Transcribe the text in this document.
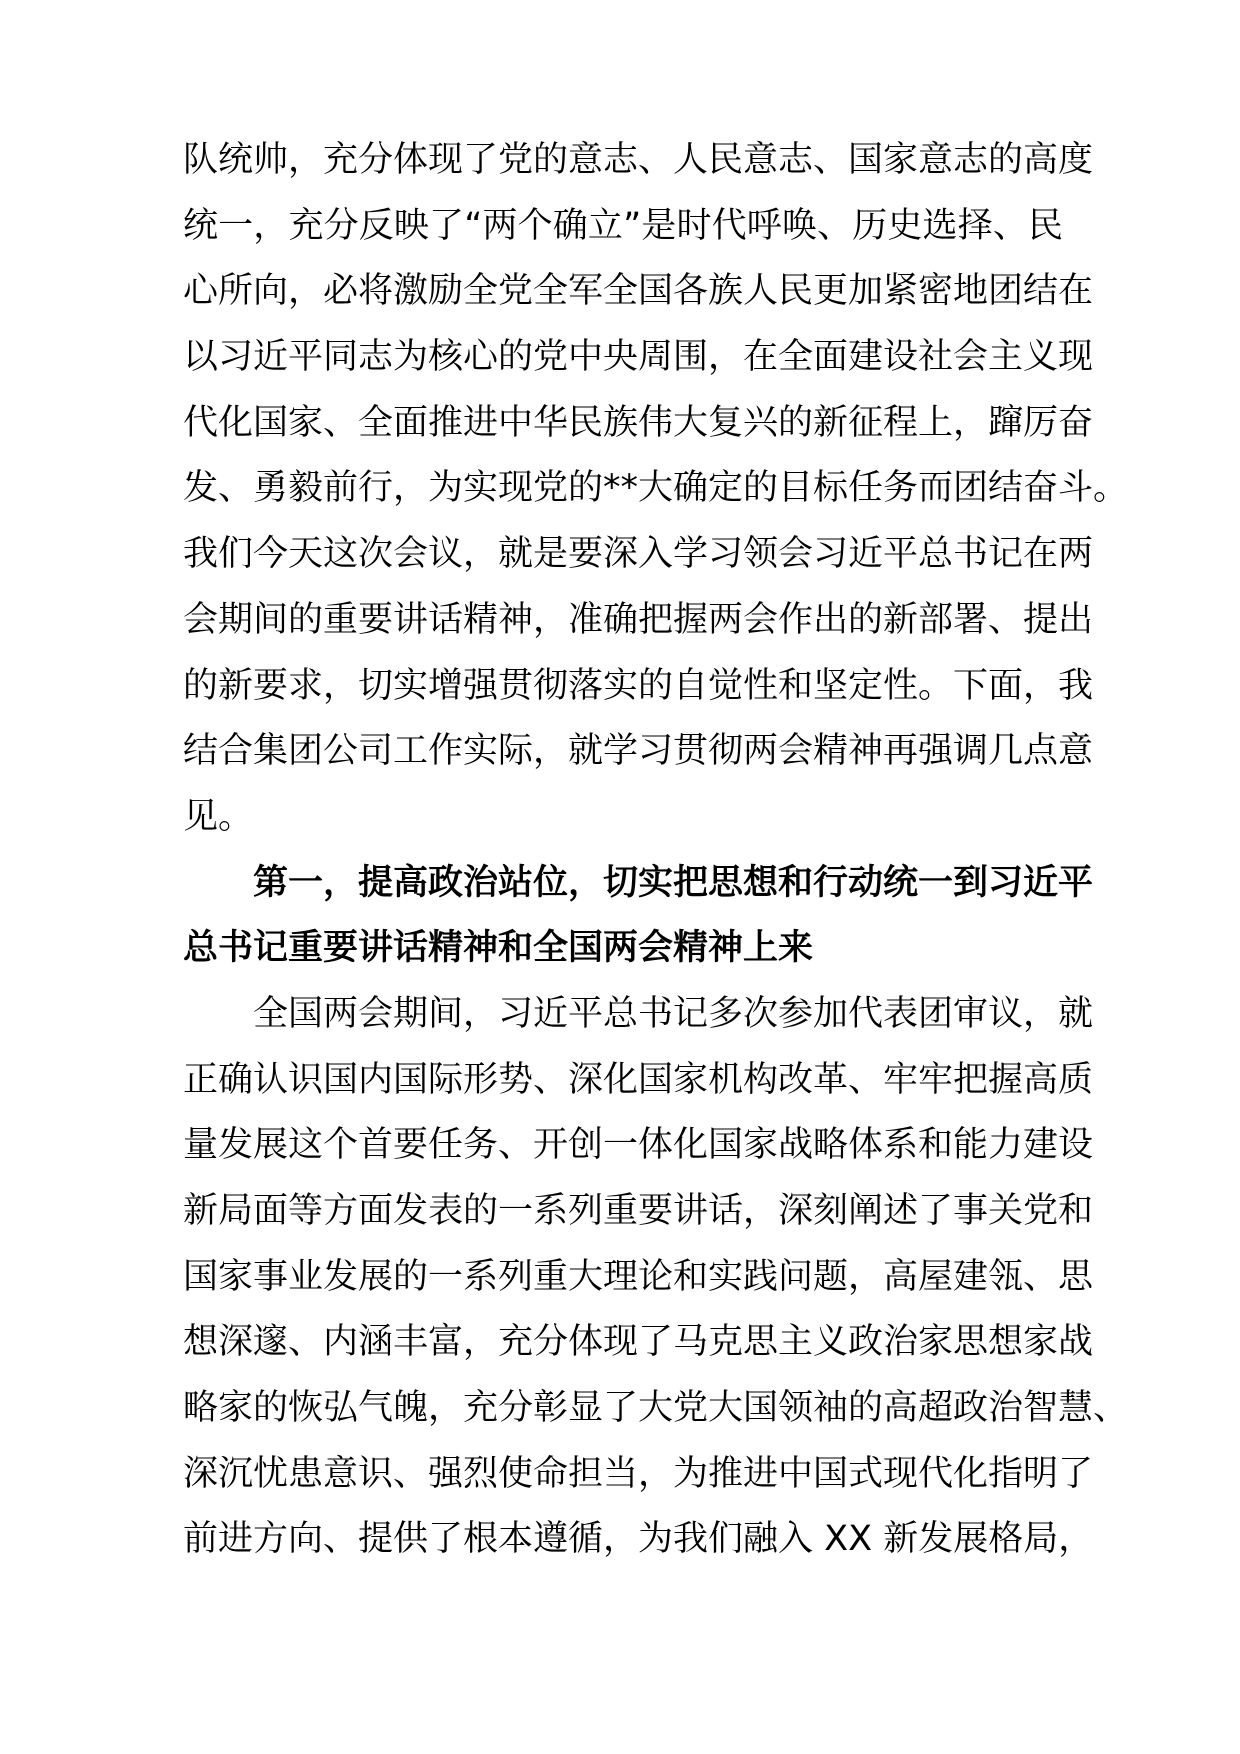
队统帅，充分体现了党的意志、人民意志、国家意志的高度
统一，充分反映了“两个确立”是时代呼唤、历史选择、民
心所向，必将激励全党全军全国各族人民更加紧密地团结在
以习近平同志为核心的党中央周围，在全面建设社会主义现
代化国家、全面推进中华民族伟大复兴的新征程上，蹿厉奋
发、勇毅前行，为实现党的**大确定的目标任务而团结奋斗。
我们今天这次会议，就是要深入学习领会习近平总书记在两
会期间的重要讲话精神，准确把握两会作出的新部署、提出
的新要求，切实增强贯彻落实的自觉性和坚定性。下面，我
结合集团公司工作实际，就学习贯彻两会精神再强调几点意
见。
第一，提高政治站位，切实把思想和行动统一到习近平
总书记重要讲话精神和全国两会精神上来
全国两会期间，习近平总书记多次参加代表团审议，就
正确认识国内国际形势、深化国家机构改革、牢牢把握高质
量发展这个首要任务、开创一体化国家战略体系和能力建设
新局面等方面发表的一系列重要讲话，深刻阐述了事关党和
国家事业发展的一系列重大理论和实践问题，高屋建瓴、思
想深邃、内涵丰富，充分体现了马克思主义政治家思想家战
略家的恢弘气魄，充分彰显了大党大国领袖的高超政治智慧、
深沉忧患意识、强烈使命担当，为推进中国式现代化指明了
前进方向、提供了根本遵循，为我们融入 XX 新发展格局，
